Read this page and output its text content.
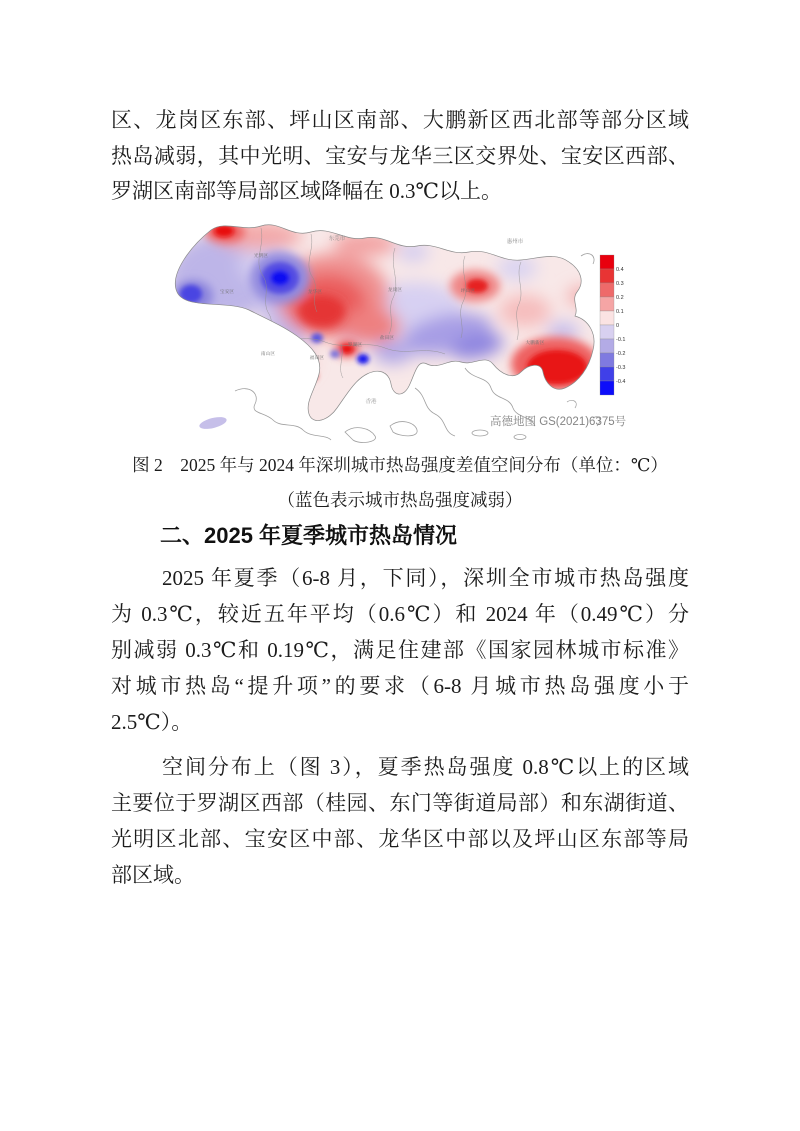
区、龙岗区东部、坪山区南部、大鹏新区西北部等部分区域
热岛减弱，其中光明、宝安与龙华三区交界处、宝安区西部、
罗湖区南部等局部区域降幅在 0.3℃以上。
东莞市	惠州市
光明区
宝安区	龙华区	龙岗区	坪山区
大鹏新区
南山区
福田区
罗湖区
盐田区
香港
0.4
0.3
0.2
0.1
0
-0.1
-0.2
-0.3
-0.4
高德地图 GS(2021)6375号
图 2　2025 年与 2024 年深圳城市热岛强度差值空间分布（单位：℃）
（蓝色表示城市热岛强度减弱）
二、2025 年夏季城市热岛情况
2025 年夏季（6-8 月，下同），深圳全市城市热岛强度
为 0.3℃，较近五年平均（0.6℃）和 2024 年（0.49℃）分
别减弱 0.3℃和 0.19℃，满足住建部《国家园林城市标准》
对城市热岛“提升项”的要求（6-8 月城市热岛强度小于
2.5℃）。
空间分布上（图 3），夏季热岛强度 0.8℃以上的区域
主要位于罗湖区西部（桂园、东门等街道局部）和东湖街道、
光明区北部、宝安区中部、龙华区中部以及坪山区东部等局
部区域。
